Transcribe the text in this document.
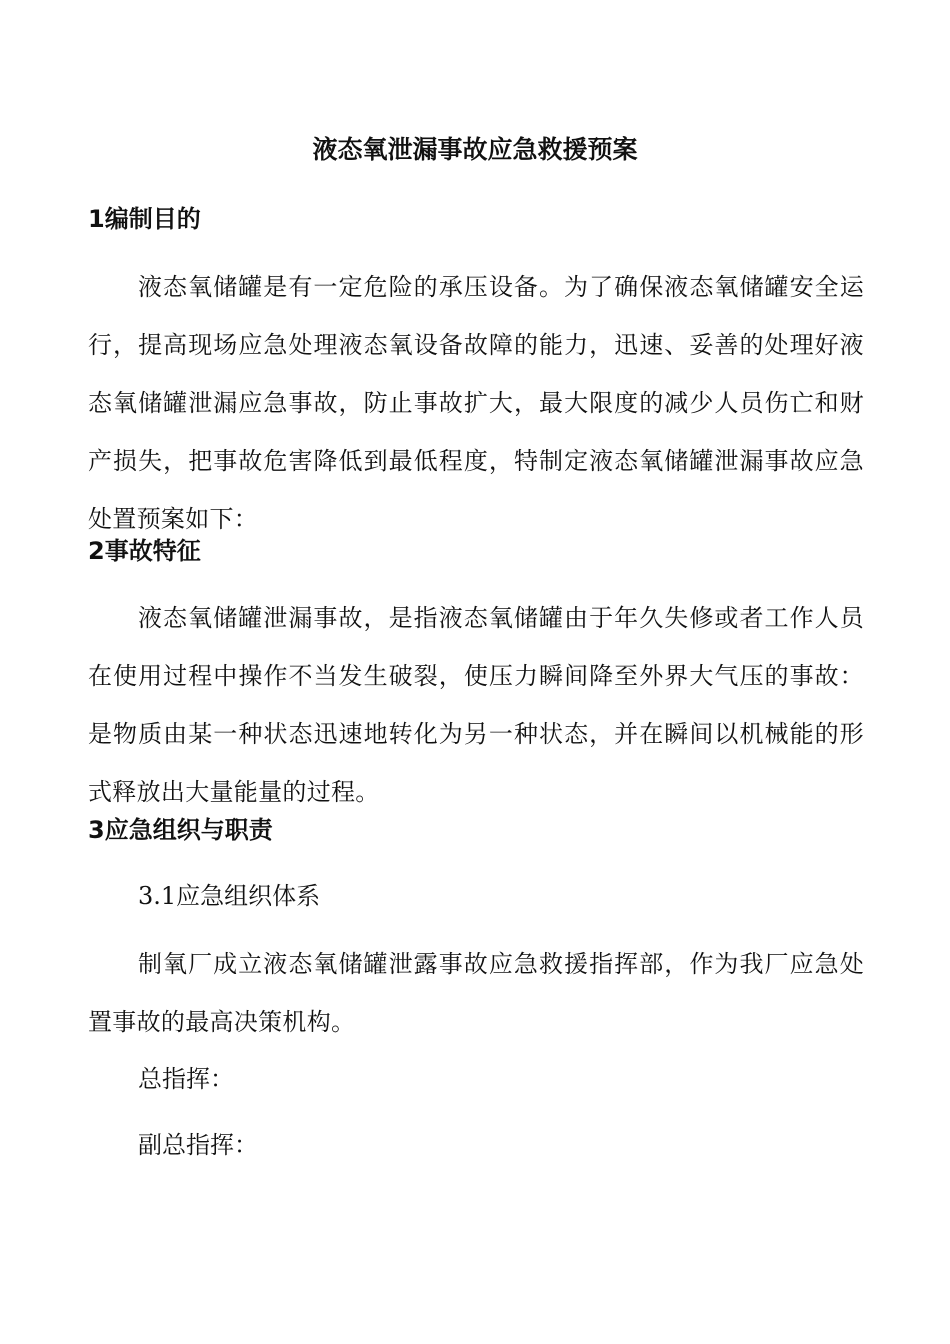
液态氧泄漏事故应急救援预案
1编制目的

液态氧储罐是有一定危险的承压设备。为了确保液态氧储罐安全运行，提高现场应急处理液态氧设备故障的能力，迅速、妥善的处理好液态氧储罐泄漏应急事故，防止事故扩大，最大限度的减少人员伤亡和财产损失，把事故危害降低到最低程度，特制定液态氧储罐泄漏事故应急处置预案如下：

2事故特征

液态氧储罐泄漏事故，是指液态氧储罐由于年久失修或者工作人员在使用过程中操作不当发生破裂，使压力瞬间降至外界大气压的事故：是物质由某一种状态迅速地转化为另一种状态，并在瞬间以机械能的形式释放出大量能量的过程。

3应急组织与职责

3.1应急组织体系

制氧厂成立液态氧储罐泄露事故应急救援指挥部，作为我厂应急处置事故的最高决策机构。

总指挥：

副总指挥：
